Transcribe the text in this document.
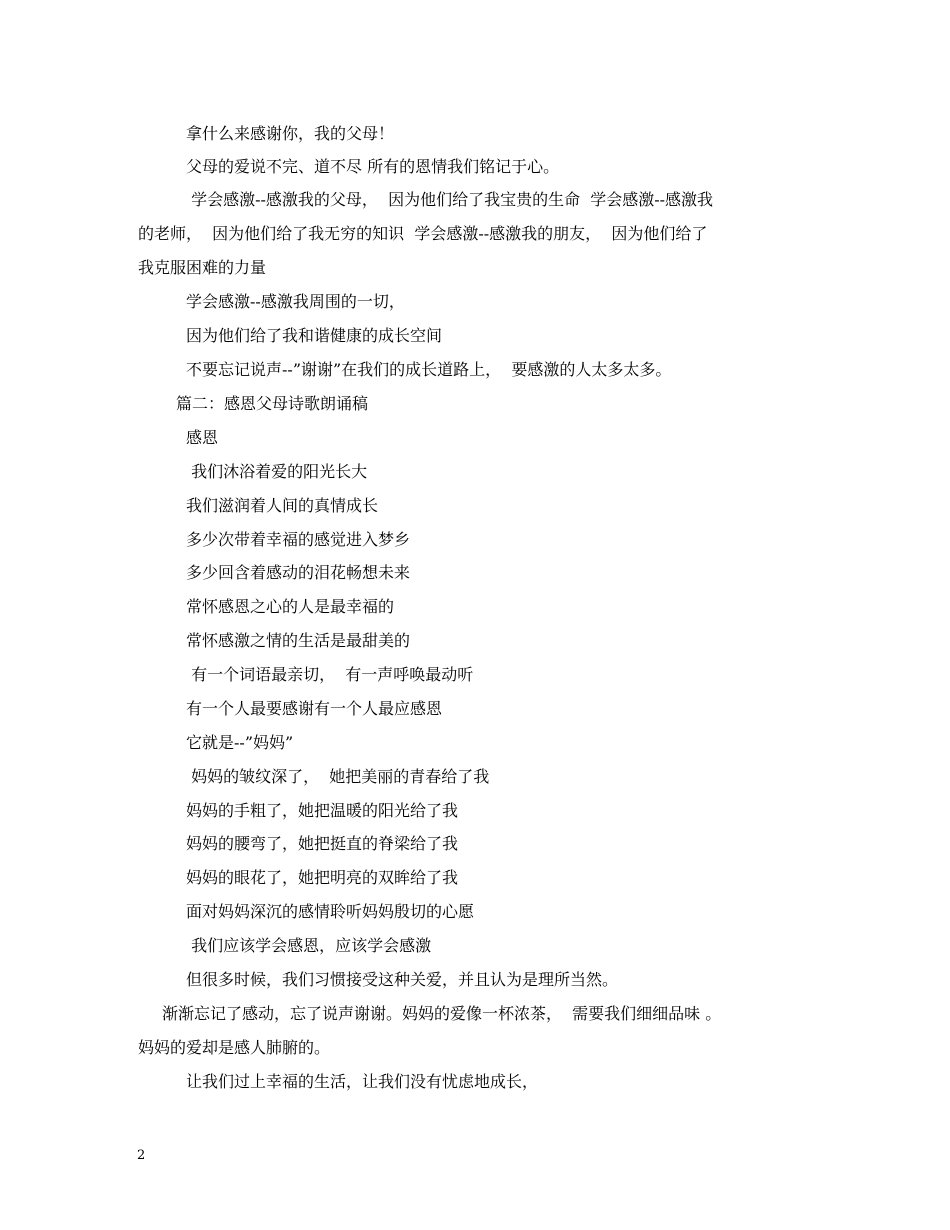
拿什么来感谢你，我的父母！
父母的爱说不完、道不尽 所有的恩情我们铭记于心。
学会感激--感激我的父母，  因为他们给了我宝贵的生命  学会感激--感激我
的老师，  因为他们给了我无穷的知识  学会感激--感激我的朋友，  因为他们给了
我克服困难的力量
学会感激--感激我周围的一切，
因为他们给了我和谐健康的成长空间
不要忘记说声--”谢谢”在我们的成长道路上，  要感激的人太多太多。
篇二：感恩父母诗歌朗诵稿
感恩
我们沐浴着爱的阳光长大
我们滋润着人间的真情成长
多少次带着幸福的感觉进入梦乡
多少回含着感动的泪花畅想未来
常怀感恩之心的人是最幸福的
常怀感激之情的生活是最甜美的
有一个词语最亲切，  有一声呼唤最动听
有一个人最要感谢有一个人最应感恩
它就是--”妈妈”
妈妈的皱纹深了，  她把美丽的青春给了我
妈妈的手粗了，她把温暖的阳光给了我
妈妈的腰弯了，她把挺直的脊梁给了我
妈妈的眼花了，她把明亮的双眸给了我
面对妈妈深沉的感情聆听妈妈殷切的心愿
我们应该学会感恩，应该学会感激
但很多时候，我们习惯接受这种关爱，并且认为是理所当然。
渐渐忘记了感动，忘了说声谢谢。妈妈的爱像一杯浓茶，  需要我们细细品味 。
妈妈的爱却是感人肺腑的。
让我们过上幸福的生活，让我们没有忧虑地成长，
2
